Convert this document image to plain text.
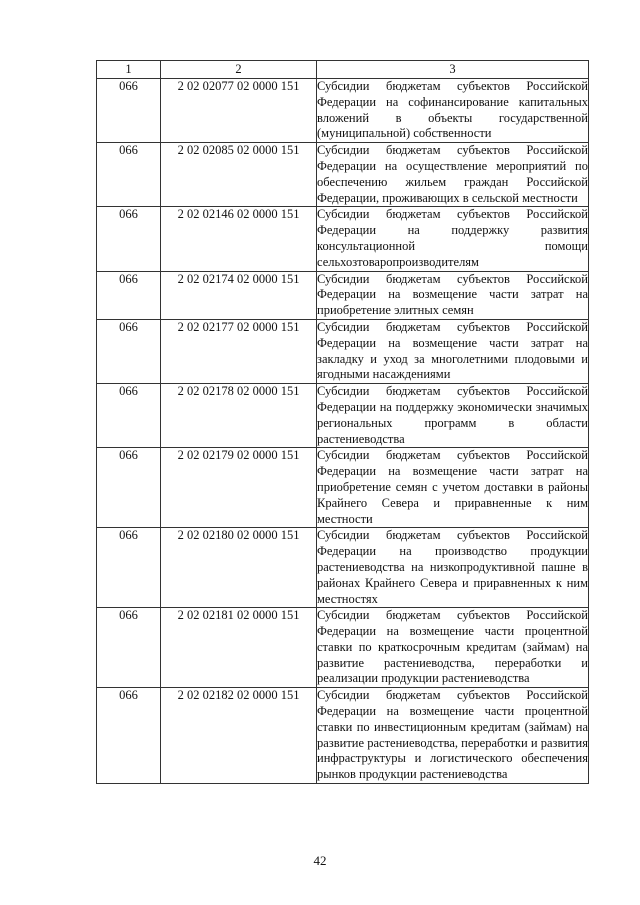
1	2	3
066	2 02 02077 02 0000 151	Субсидии бюджетам субъектов Российской Федерации на софинансирование капитальных вложений в объекты государственной (муниципальной) собственности
066	2 02 02085 02 0000 151	Субсидии бюджетам субъектов Российской Федерации на осуществление мероприятий по обеспечению жильем граждан Российской Федерации, проживающих в сельской местности
066	2 02 02146 02 0000 151	Субсидии бюджетам субъектов Российской Федерации на поддержку развития консультационной помощи сельхозтоваропроизводителям
066	2 02 02174 02 0000 151	Субсидии бюджетам субъектов Российской Федерации на возмещение части затрат на приобретение элитных семян
066	2 02 02177 02 0000 151	Субсидии бюджетам субъектов Российской Федерации на возмещение части затрат на закладку и уход за многолетними плодовыми и ягодными насаждениями
066	2 02 02178 02 0000 151	Субсидии бюджетам субъектов Российской Федерации на поддержку экономически значимых региональных программ в области растениеводства
066	2 02 02179 02 0000 151	Субсидии бюджетам субъектов Российской Федерации на возмещение части затрат на приобретение семян с учетом доставки в районы Крайнего Севера и приравненные к ним местности
066	2 02 02180 02 0000 151	Субсидии бюджетам субъектов Российской Федерации на производство продукции растениеводства на низкопродуктивной пашне в районах Крайнего Севера и приравненных к ним местностях
066	2 02 02181 02 0000 151	Субсидии бюджетам субъектов Российской Федерации на возмещение части процентной ставки по краткосрочным кредитам (займам) на развитие растениеводства, переработки и реализации продукции растениеводства
066	2 02 02182 02 0000 151	Субсидии бюджетам субъектов Российской Федерации на возмещение части процентной ставки по инвестиционным кредитам (займам) на развитие растениеводства, переработки и развития инфраструктуры и логистического обеспечения рынков продукции растениеводства
42
